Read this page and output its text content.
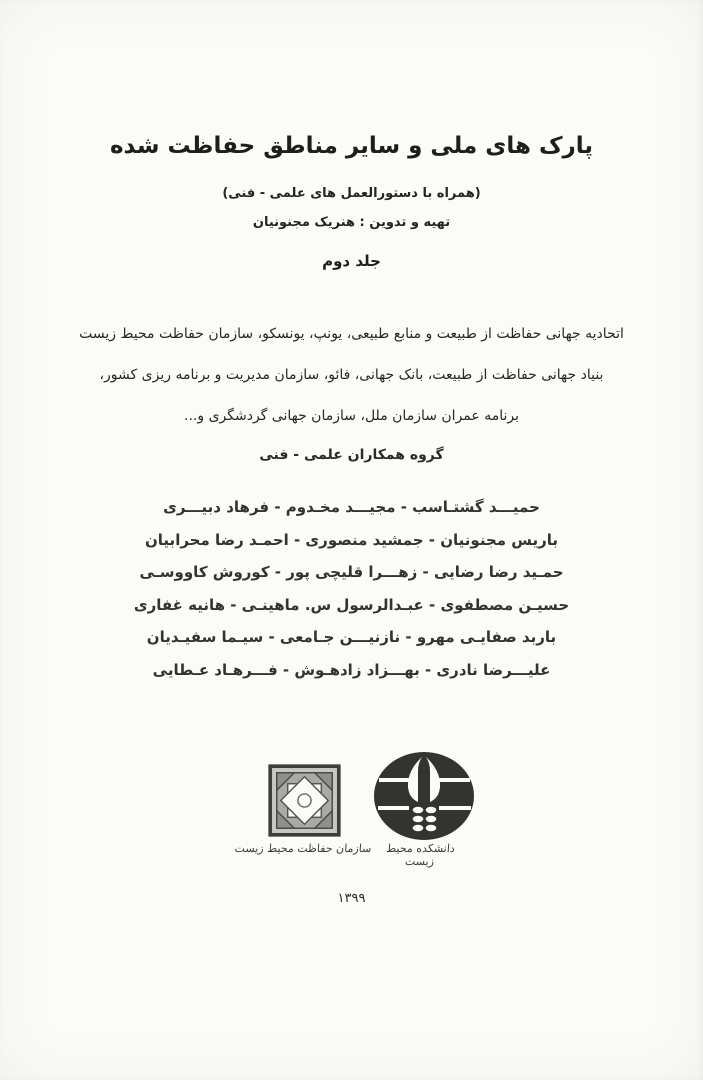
پارک های ملی و سایر مناطق حفاظت شده
(همراه با دستورالعمل های علمی - فنی)
تهیه و تدوین : هنریک مجنونیان
جلد دوم
اتحادیه جهانی حفاظت از طبیعت و منابع طبیعی، یونپ، یونسکو، سازمان حفاظت محیط زیست
بنیاد جهانی حفاظت از طبیعت، بانک جهانی، فائو، سازمان مدیریت و برنامه ریزی کشور،
برنامه عمران سازمان ملل، سازمان جهانی گردشگری و...
گروه همکاران علمی - فنی
حمیـــد گشتـاسب - مجیـــد مخـدوم - فرهاد دبیـــری
باریس مجنونیان - جمشید منصوری - احمـد رضا محرابیان
حمـید رضا رضایی - زهـــرا قلیچی پور - کوروش کاووسـی
حسیـن مصطفوی - عبـدالرسول س. ماهینـی - هانیه غفاری
باربد صفایـی مهرو - نازنیـــن جـامعی - سیـما سفیـدیان
علیـــرضا نادری - بهـــزاد زادهـوش - فـــرهـاد عـطایی
سازمان حفاظت محیط زیست	دانشکده محیط زیست
۱۳۹۹
